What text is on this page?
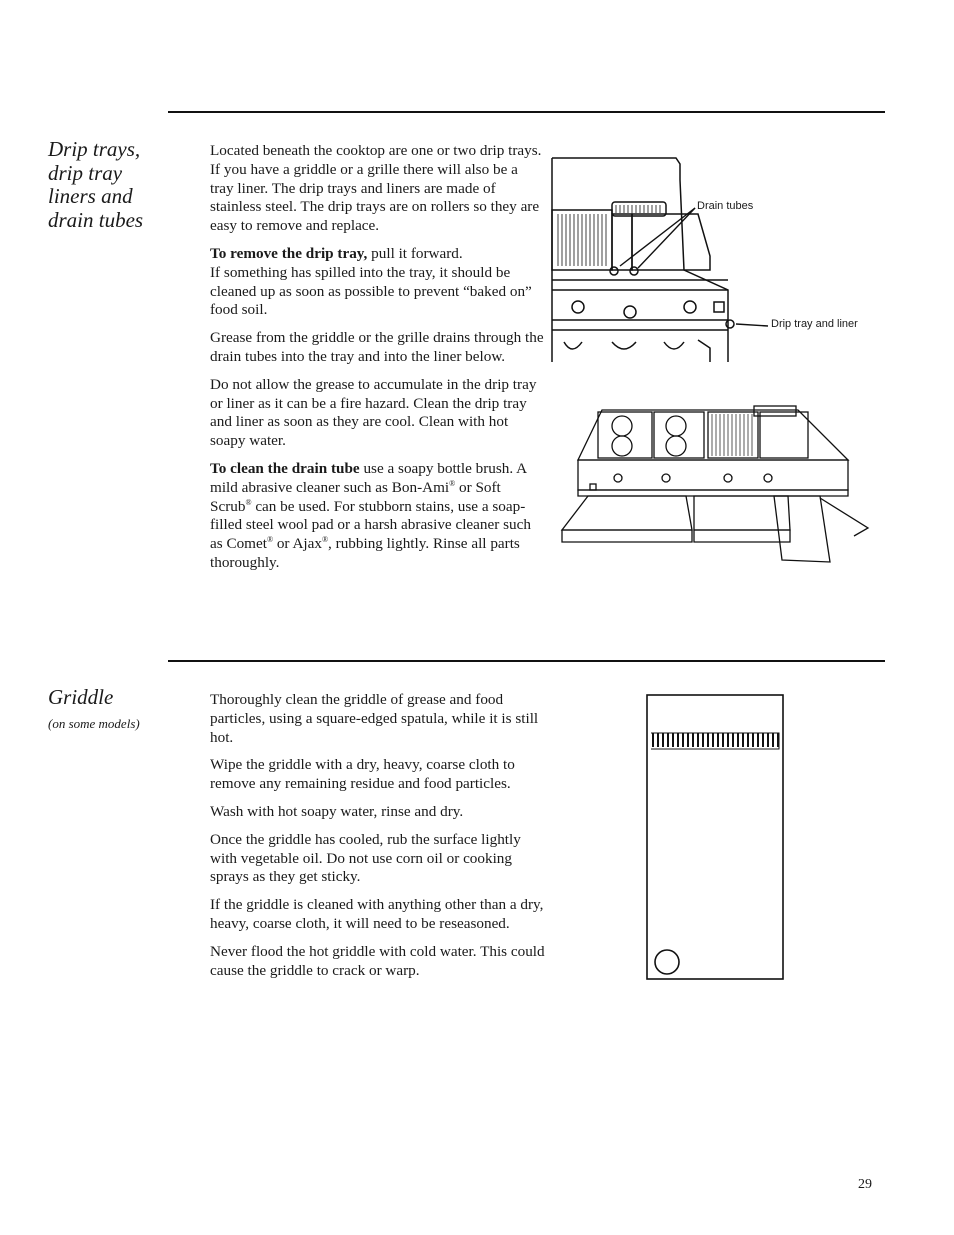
Drip trays,
drip tray
liners and
drain tubes

Located beneath the cooktop are one or two drip trays. If you have a griddle or a grille there will also be a tray liner. The drip trays and liners are made of stainless steel. The drip trays are on rollers so they are easy to remove and replace.

To remove the drip tray, pull it forward.
If something has spilled into the tray, it should be cleaned up as soon as possible to prevent “baked on” food soil.

Grease from the griddle or the grille drains through the drain tubes into the tray and into the liner below.

Do not allow the grease to accumulate in the drip tray or liner as it can be a fire hazard. Clean the drip tray and liner as soon as they are cool. Clean with hot soapy water.

To clean the drain tube use a soapy bottle brush. A mild abrasive cleaner such as Bon-Ami® or Soft Scrub® can be used. For stubborn stains, use a soap-filled steel wool pad or a harsh abrasive cleaner such as Comet® or Ajax®, rubbing lightly. Rinse all parts thoroughly.

Drain tubes
Drip tray and liner
Griddle
(on some models)

Thoroughly clean the griddle of grease and food particles, using a square-edged spatula, while it is still hot.

Wipe the griddle with a dry, heavy, coarse cloth to remove any remaining residue and food particles.

Wash with hot soapy water, rinse and dry.

Once the griddle has cooled, rub the surface lightly with vegetable oil. Do not use corn oil or cooking sprays as they get sticky.

If the griddle is cleaned with anything other than a dry, heavy, coarse cloth, it will need to be reseasoned.

Never flood the hot griddle with cold water. This could cause the griddle to crack or warp.

29
